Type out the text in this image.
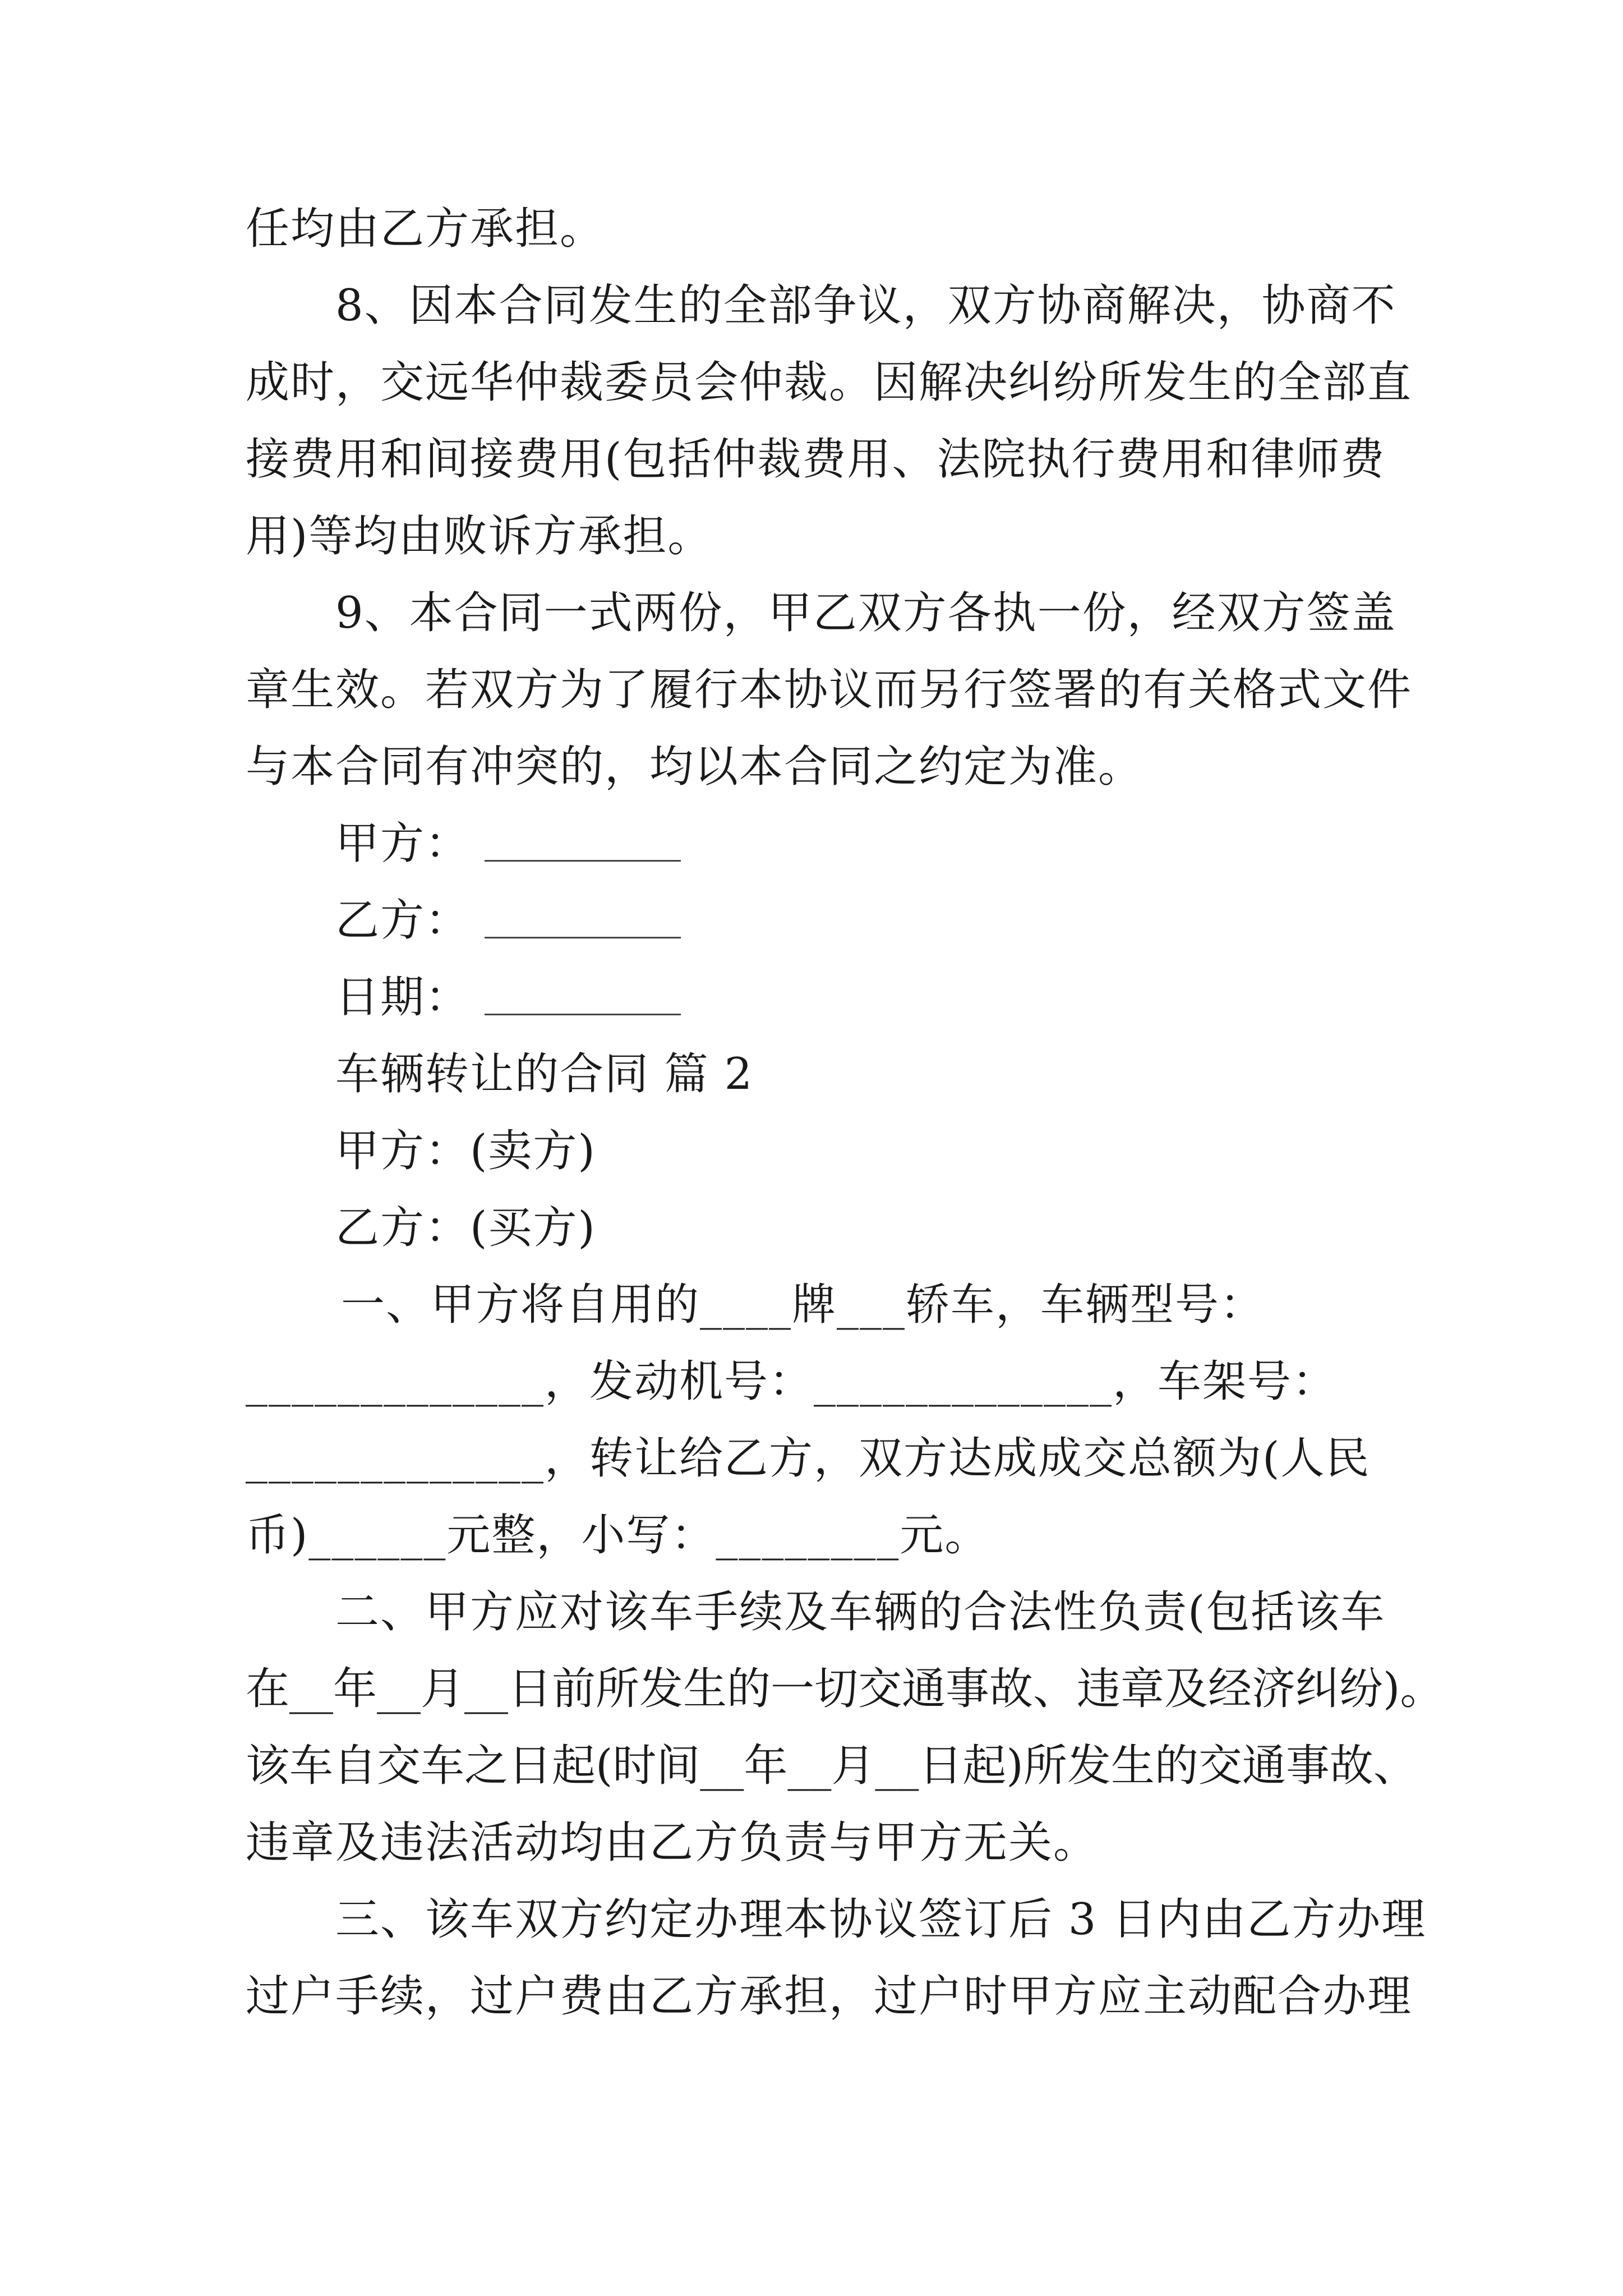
任均由乙方承担。
8、因本合同发生的全部争议，双方协商解决，协商不
成时，交远华仲裁委员会仲裁。因解决纠纷所发生的全部直
接费用和间接费用(包括仲裁费用、法院执行费用和律师费
用)等均由败诉方承担。
9、本合同一式两份，甲乙双方各执一份，经双方签盖
章生效。若双方为了履行本协议而另行签署的有关格式文件
与本合同有冲突的，均以本合同之约定为准。
甲方：
乙方：
日期：
车辆转让的合同 篇 2
甲方：(卖方)
乙方：(买方)
一、甲方将自用的____牌___轿车，车辆型号：
_____________，发动机号：_____________，车架号：
_____________，转让给乙方，双方达成成交总额为(人民
币)______元整，小写：________元。
二、甲方应对该车手续及车辆的合法性负责(包括该车
在__年__月__日前所发生的一切交通事故、违章及经济纠纷)。
该车自交车之日起(时间__年__月__日起)所发生的交通事故、
违章及违法活动均由乙方负责与甲方无关。
三、该车双方约定办理本协议签订后 3 日内由乙方办理
过户手续，过户费由乙方承担，过户时甲方应主动配合办理
